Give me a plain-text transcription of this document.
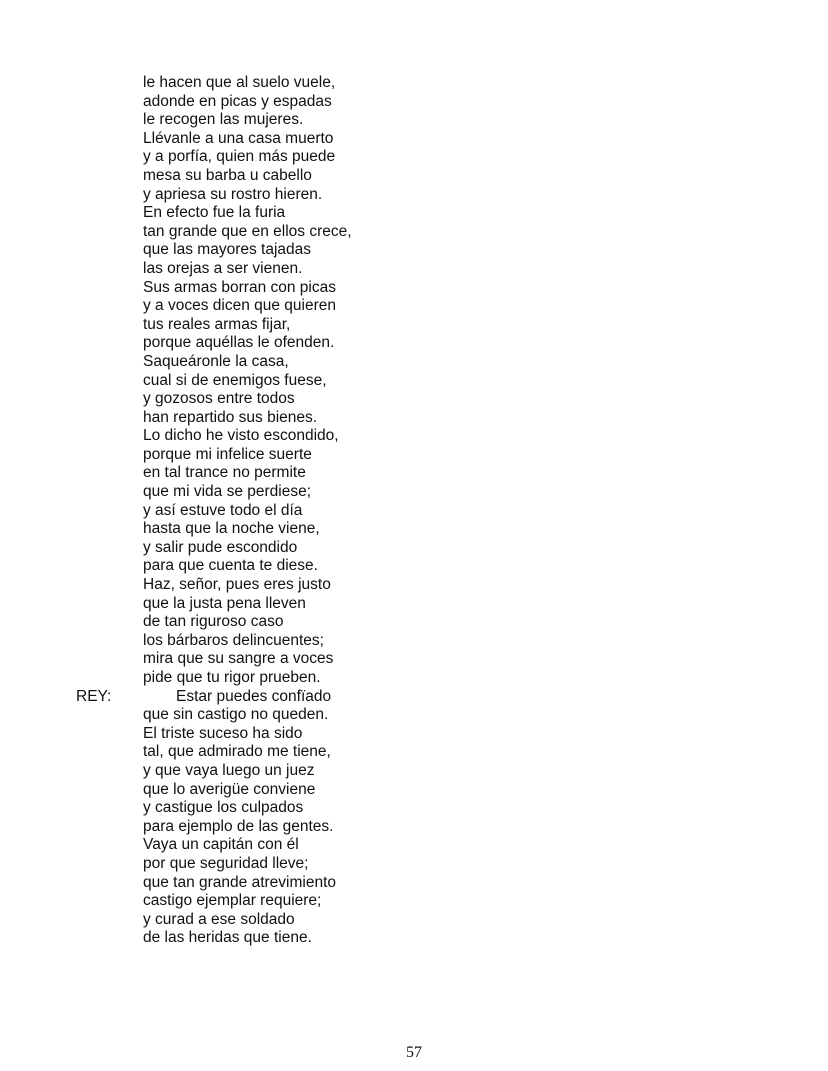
le hacen que al suelo vuele,
adonde en picas y espadas
le recogen las mujeres.
Llévanle a una casa muerto
y a porfía, quien más puede
mesa su barba u cabello
y apriesa su rostro hieren.
En efecto fue la furia
tan grande que en ellos crece,
que las mayores tajadas
las orejas a ser vienen.
Sus armas borran con picas
y a voces dicen que quieren
tus reales armas fijar,
porque aquéllas le ofenden.
Saqueáronle la casa,
cual si de enemigos fuese,
y gozosos entre todos
han repartido sus bienes.
Lo dicho he visto escondido,
porque mi infelice suerte
en tal trance no permite
que mi vida se perdiese;
y así estuve todo el día
hasta que la noche viene,
y salir pude escondido
para que cuenta te diese.
Haz, señor, pues eres justo
que la justa pena lleven
de tan riguroso caso
los bárbaros delincuentes;
mira que su sangre a voces
pide que tu rigor prueben.
REY:	Estar puedes confïado
que sin castigo no queden.
El triste suceso ha sido
tal, que admirado me tiene,
y que vaya luego un juez
que lo averigüe conviene
y castigue los culpados
para ejemplo de las gentes.
Vaya un capitán con él
por que seguridad lleve;
que tan grande atrevimiento
castigo ejemplar requiere;
y curad a ese soldado
de las heridas que tiene.
57
